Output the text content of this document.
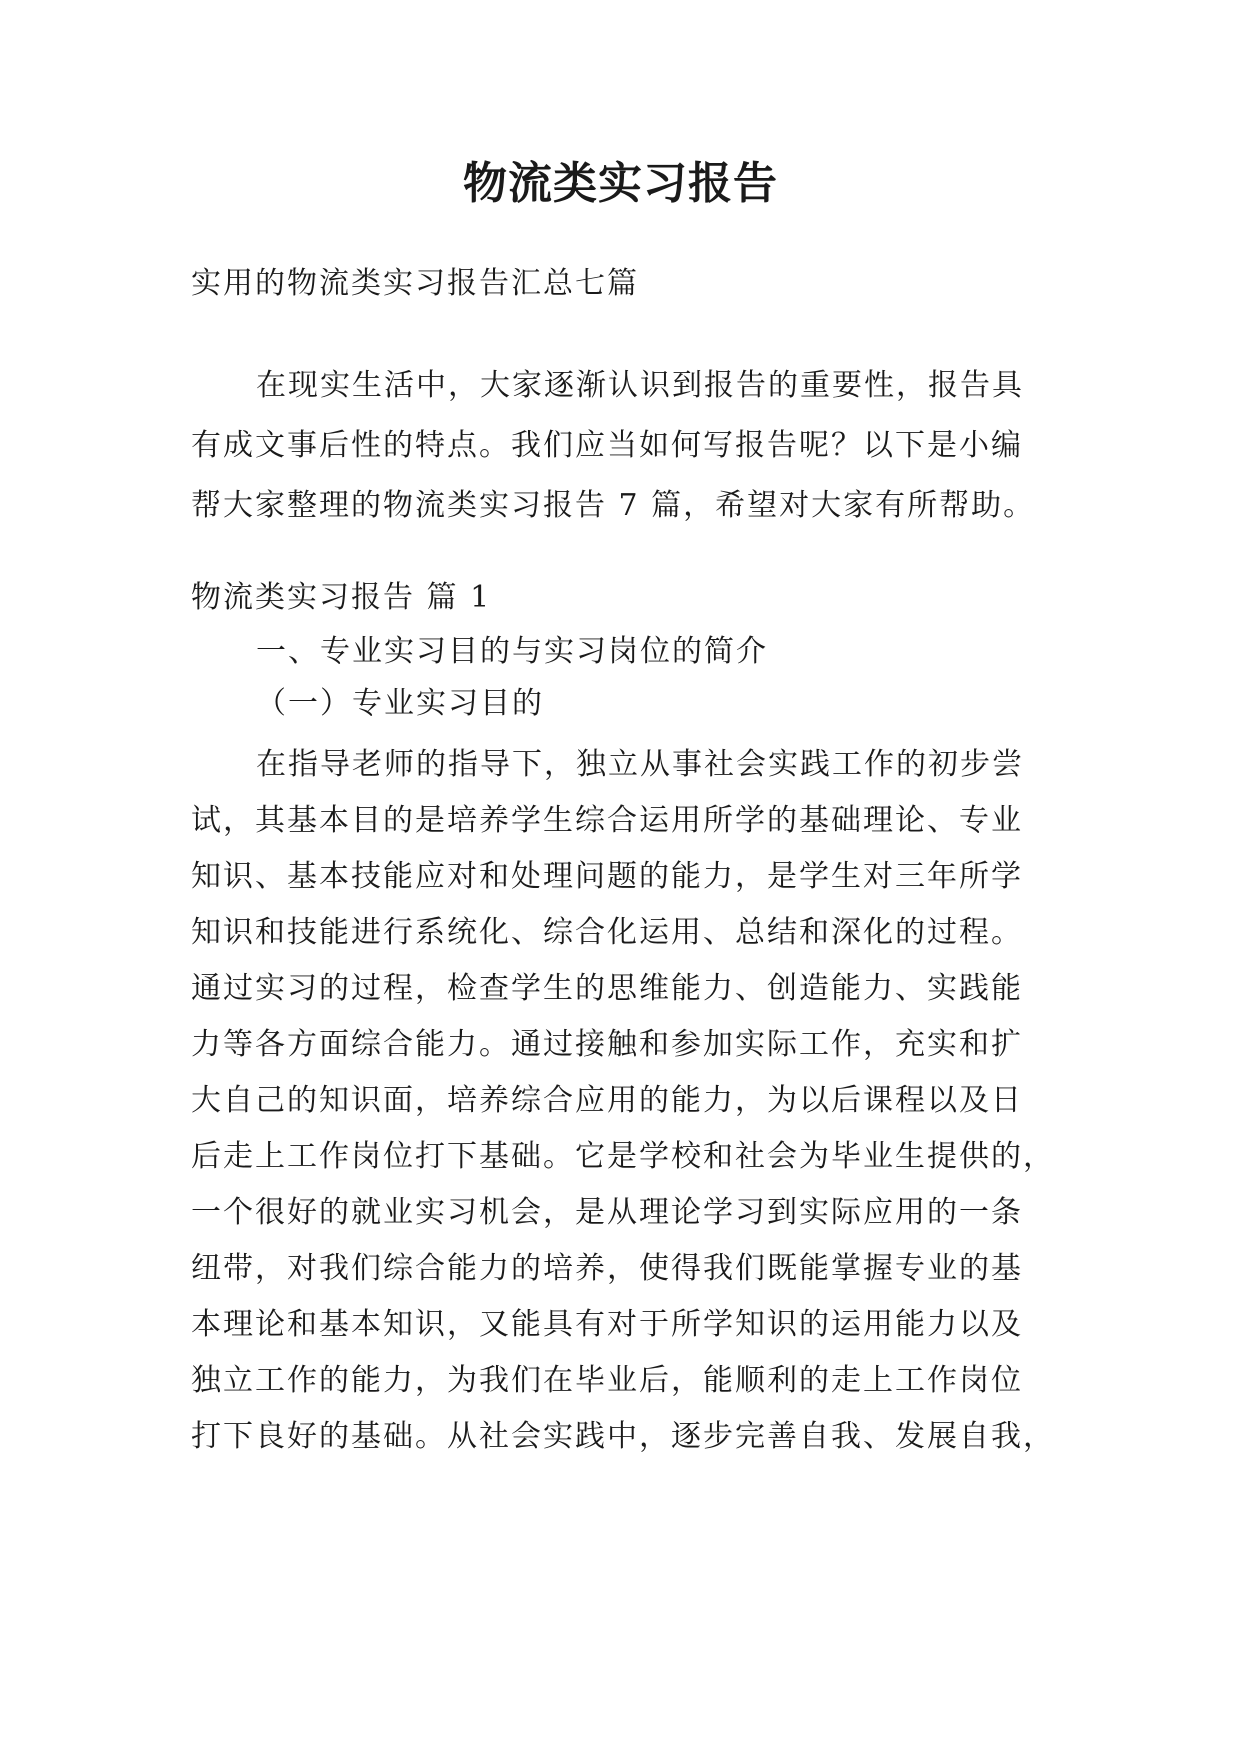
物流类实习报告
实用的物流类实习报告汇总七篇
在现实生活中，大家逐渐认识到报告的重要性，报告具
有成文事后性的特点。我们应当如何写报告呢？以下是小编
帮大家整理的物流类实习报告 7 篇，希望对大家有所帮助。
物流类实习报告 篇 1
一、专业实习目的与实习岗位的简介
（一）专业实习目的
在指导老师的指导下，独立从事社会实践工作的初步尝
试，其基本目的是培养学生综合运用所学的基础理论、专业
知识、基本技能应对和处理问题的能力，是学生对三年所学
知识和技能进行系统化、综合化运用、总结和深化的过程。
通过实习的过程，检查学生的思维能力、创造能力、实践能
力等各方面综合能力。通过接触和参加实际工作，充实和扩
大自己的知识面，培养综合应用的能力，为以后课程以及日
后走上工作岗位打下基础。它是学校和社会为毕业生提供的，
一个很好的就业实习机会，是从理论学习到实际应用的一条
纽带，对我们综合能力的培养，使得我们既能掌握专业的基
本理论和基本知识，又能具有对于所学知识的运用能力以及
独立工作的能力，为我们在毕业后，能顺利的走上工作岗位
打下良好的基础。从社会实践中，逐步完善自我、发展自我，
